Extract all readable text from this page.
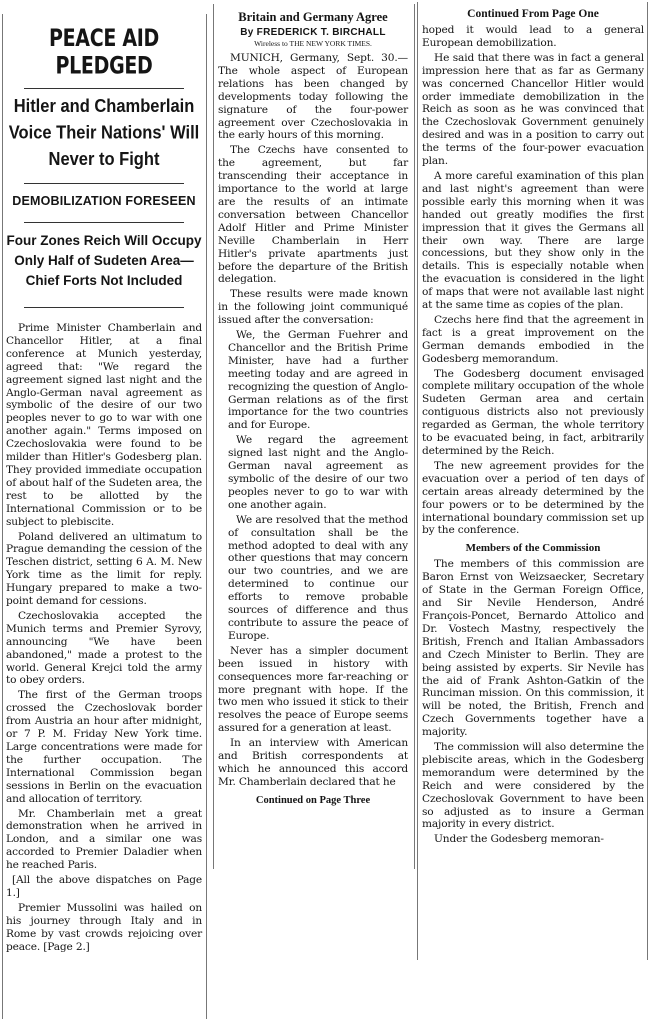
PEACE AID PLEDGED
Hitler and Chamberlain Voice Their Nations' Will Never to Fight
DEMOBILIZATION FORESEEN
Four Zones Reich Will Occupy Only Half of Sudeten Area— Chief Forts Not Included

Prime Minister Chamberlain and Chancellor Hitler, at a final conference at Munich yesterday, agreed that: "We regard the agreement signed last night and the Anglo-German naval agreement as symbolic of the desire of our two peoples never to go to war with one another again." Terms imposed on Czechoslovakia were found to be milder than Hitler's Godesberg plan. They provided immediate occupation of about half of the Sudeten area, the rest to be allotted by the International Commission or to be subject to plebiscite.

Poland delivered an ultimatum to Prague demanding the cession of the Teschen district, setting 6 A. M. New York time as the limit for reply. Hungary prepared to make a two-point demand for cessions.

Czechoslovakia accepted the Munich terms and Premier Syrovy, announcing "We have been abandoned," made a protest to the world. General Krejci told the army to obey orders.

The first of the German troops crossed the Czechoslovak border from Austria an hour after midnight, or 7 P. M. Friday New York time. Large concentrations were made for the further occupation. The International Commission began sessions in Berlin on the evacuation and allocation of territory.

Mr. Chamberlain met a great demonstration when he arrived in London, and a similar one was accorded to Premier Daladier when he reached Paris.

[All the above dispatches on Page 1.]

Premier Mussolini was hailed on his journey through Italy and in Rome by vast crowds rejoicing over peace. [Page 2.]

Britain and Germany Agree
By FREDERICK T. BIRCHALL
Wireless to THE NEW YORK TIMES.

MUNICH, Germany, Sept. 30.— The whole aspect of European relations has been changed by developments today following the signature of the four-power agreement over Czechoslovakia in the early hours of this morning.

The Czechs have consented to the agreement, but far transcending their acceptance in importance to the world at large are the results of an intimate conversation between Chancellor Adolf Hitler and Prime Minister Neville Chamberlain in Herr Hitler's private apartments just before the departure of the British delegation.

These results were made known in the following joint communiqué issued after the conversation:

We, the German Fuehrer and Chancellor and the British Prime Minister, have had a further meeting today and are agreed in recognizing the question of Anglo-German relations as of the first importance for the two countries and for Europe.

We regard the agreement signed last night and the Anglo-German naval agreement as symbolic of the desire of our two peoples never to go to war with one another again.

We are resolved that the method of consultation shall be the method adopted to deal with any other questions that may concern our two countries, and we are determined to continue our efforts to remove probable sources of difference and thus contribute to assure the peace of Europe.

Never has a simpler document been issued in history with consequences more far-reaching or more pregnant with hope. If the two men who issued it stick to their resolves the peace of Europe seems assured for a generation at least.

In an interview with American and British correspondents at which he announced this accord Mr. Chamberlain declared that he

Continued on Page Three
Continued From Page One

hoped it would lead to a general European demobilization.

He said that there was in fact a general impression here that as far as Germany was concerned Chancellor Hitler would order immediate demobilization in the Reich as soon as he was convinced that the Czechoslovak Government genuinely desired and was in a position to carry out the terms of the four-power evacuation plan.

A more careful examination of this plan and last night's agreement than were possible early this morning when it was handed out greatly modifies the first impression that it gives the Germans all their own way. There are large concessions, but they show only in the details. This is especially notable when the evacuation is considered in the light of maps that were not available last night at the same time as copies of the plan.

Czechs here find that the agreement in fact is a great improvement on the German demands embodied in the Godesberg memorandum.

The Godesberg document envisaged complete military occupation of the whole Sudeten German area and certain contiguous districts also not previously regarded as German, the whole territory to be evacuated being, in fact, arbitrarily determined by the Reich.

The new agreement provides for the evacuation over a period of ten days of certain areas already determined by the four powers or to be determined by the international boundary commission set up by the conference.

Members of the Commission

The members of this commission are Baron Ernst von Weizsaecker, Secretary of State in the German Foreign Office, and Sir Nevile Henderson, André François-Poncet, Bernardo Attolico and Dr. Vostech Mastny, respectively the British, French and Italian Ambassadors and Czech Minister to Berlin. They are being assisted by experts. Sir Nevile has the aid of Frank Ashton-Gatkin of the Runciman mission. On this commission, it will be noted, the British, French and Czech Governments together have a majority.

The commission will also determine the plebiscite areas, which in the Godesberg memorandum were determined by the Reich and were considered by the Czechoslovak Government to have been so adjusted as to insure a German majority in every district.

Under the Godesberg memoran-
